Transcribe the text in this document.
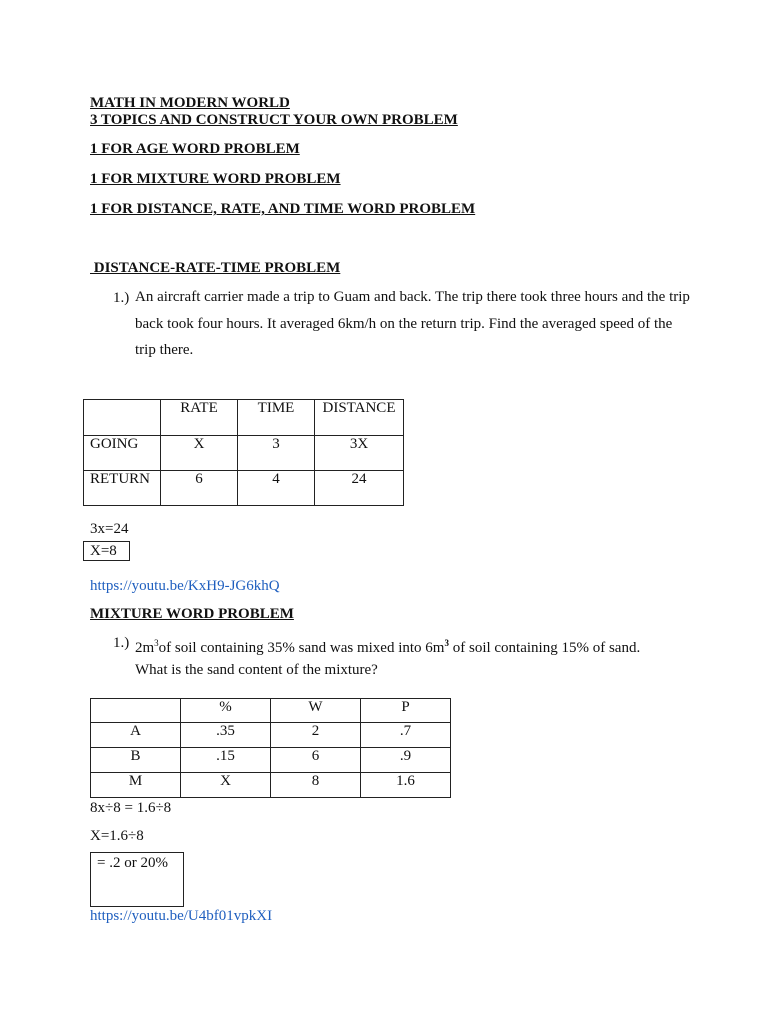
MATH IN MODERN WORLD
3 TOPICS AND CONSTRUCT YOUR OWN PROBLEM
1 FOR AGE WORD PROBLEM
1 FOR MIXTURE WORD PROBLEM
1 FOR DISTANCE, RATE, AND TIME WORD PROBLEM
DISTANCE-RATE-TIME PROBLEM
1.) An aircraft carrier made a trip to Guam and back. The trip there took three hours and the trip back took four hours. It averaged 6km/h on the return trip. Find the averaged speed of the trip there.
	RATE	TIME	DISTANCE
GOING	X	3	3X
RETURN	6	4	24
3x=24
X=8
https://youtu.be/KxH9-JG6khQ
MIXTURE WORD PROBLEM
1.) $2m^3of$ soil containing 35% sand was mixed into $6m^3$ of soil containing 15% of sand.
What is the sand content of the mixture?
	%	W	P
A	.35	2	.7
B	.15	6	.9
M	X	8	1.6
8x÷8 = 1.6÷8
X=1.6÷8
= .2 or 20%
https://youtu.be/U4bf01vpkXI
